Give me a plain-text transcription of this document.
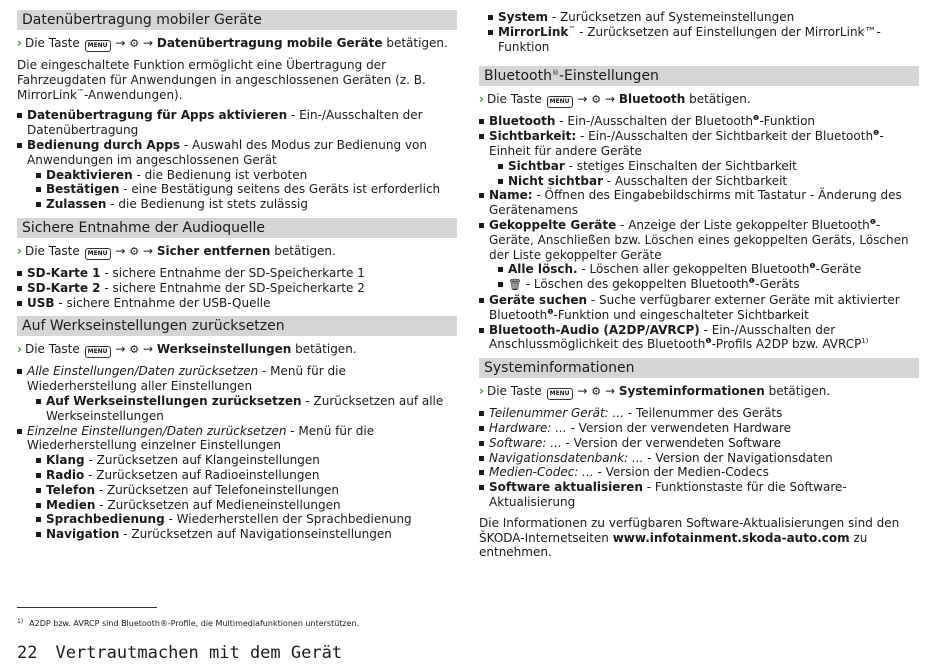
Datenübertragung mobiler Geräte
› Die Taste MENU → ⚙ → Datenübertragung mobile Geräte betätigen.
Die eingeschaltete Funktion ermöglicht eine Übertragung der Fahrzeugdaten für Anwendungen in angeschlossenen Geräten (z. B. MirrorLink™-Anwendungen).
Datenübertragung für Apps aktivieren - Ein-/Ausschalten der Datenübertragung
Bedienung durch Apps - Auswahl des Modus zur Bedienung von Anwendungen im angeschlossenen Gerät
Deaktivieren - die Bedienung ist verboten
Bestätigen - eine Bestätigung seitens des Geräts ist erforderlich
Zulassen - die Bedienung ist stets zulässig
Sichere Entnahme der Audioquelle
› Die Taste MENU → ⚙ → Sicher entfernen betätigen.
SD-Karte 1 - sichere Entnahme der SD-Speicherkarte 1
SD-Karte 2 - sichere Entnahme der SD-Speicherkarte 2
USB - sichere Entnahme der USB-Quelle
Auf Werkseinstellungen zurücksetzen
› Die Taste MENU → ⚙ → Werkseinstellungen betätigen.
Alle Einstellungen/Daten zurücksetzen - Menü für die Wiederherstellung aller Einstellungen
Auf Werkseinstellungen zurücksetzen - Zurücksetzen auf alle Werkseinstellungen
Einzelne Einstellungen/Daten zurücksetzen - Menü für die Wiederherstellung einzelner Einstellungen
Klang - Zurücksetzen auf Klangeinstellungen
Radio - Zurücksetzen auf Radioeinstellungen
Telefon - Zurücksetzen auf Telefoneinstellungen
Medien - Zurücksetzen auf Medieneinstellungen
Sprachbedienung - Wiederherstellen der Sprachbedienung
Navigation - Zurücksetzen auf Navigationseinstellungen
System - Zurücksetzen auf Systemeinstellungen
MirrorLink™ - Zurücksetzen auf Einstellungen der MirrorLink™-Funktion
Bluetooth®-Einstellungen
› Die Taste MENU → ⚙ → Bluetooth betätigen.
Bluetooth - Ein-/Ausschalten der Bluetooth$^❶$-Funktion
Sichtbarkeit: - Ein-/Ausschalten der Sichtbarkeit der Bluetooth$^❶$-Einheit für andere Geräte
Sichtbar - stetiges Einschalten der Sichtbarkeit
Nicht sichtbar - Ausschalten der Sichtbarkeit
Name: - Öffnen des Eingabebildschirms mit Tastatur - Änderung des Gerätenamens
Gekoppelte Geräte - Anzeige der Liste gekoppelter Bluetooth$^❶$-Geräte, Anschließen bzw. Löschen eines gekoppelten Geräts, Löschen der Liste gekoppelter Geräte
Alle lösch. - Löschen aller gekoppelten Bluetooth$^❶$-Geräte
🗑 - Löschen des gekoppelten Bluetooth$^❶$-Geräts
Geräte suchen - Suche verfügbarer externer Geräte mit aktivierter Bluetooth$^❶$-Funktion und eingeschalteter Sichtbarkeit
Bluetooth-Audio (A2DP/AVRCP) - Ein-/Ausschalten der Anschlussmöglichkeit des Bluetooth$^❶$-Profils A2DP bzw. AVRCP$^{1)}$
Systeminformationen
› Die Taste MENU → ⚙ → Systeminformationen betätigen.
Teilenummer Gerät: ... - Teilenummer des Geräts
Hardware: ... - Version der verwendeten Hardware
Software: ... - Version der verwendeten Software
Navigationsdatenbank: ... - Version der Navigationsdaten
Medien-Codec: ... - Version der Medien-Codecs
Software aktualisieren - Funktionstaste für die Software-Aktualisierung
Die Informationen zu verfügbaren Software-Aktualisierungen sind den ŠKODA-Internetseiten www.infotainment.skoda-auto.com zu entnehmen.
$^{1)}$ A2DP bzw. AVRCP sind Bluetooth®-Profile, die Multimediafunktionen unterstützen.
22 Vertrautmachen mit dem Gerät
